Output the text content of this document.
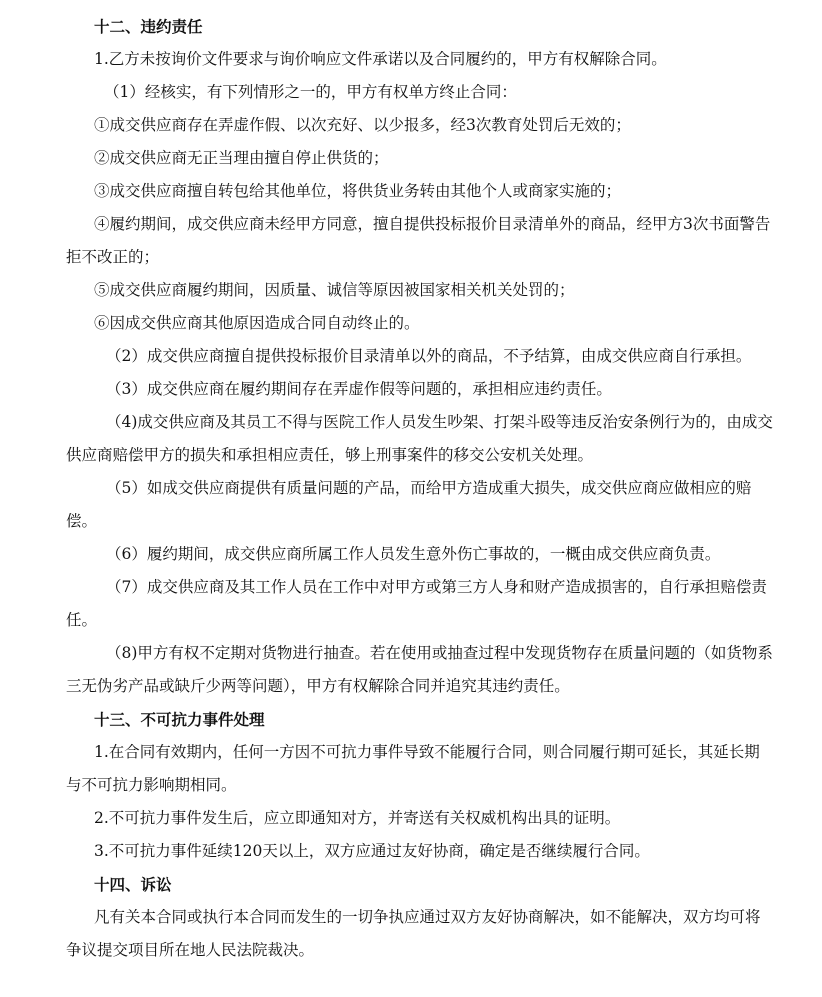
十二、违约责任

1.乙方未按询价文件要求与询价响应文件承诺以及合同履约的，甲方有权解除合同。

（1）经核实，有下列情形之一的，甲方有权单方终止合同：

①成交供应商存在弄虚作假、以次充好、以少报多，经3次教育处罚后无效的；

②成交供应商无正当理由擅自停止供货的；

③成交供应商擅自转包给其他单位，将供货业务转由其他个人或商家实施的；

④履约期间，成交供应商未经甲方同意，擅自提供投标报价目录清单外的商品，经甲方3次书面警告拒不改正的；

⑤成交供应商履约期间，因质量、诚信等原因被国家相关机关处罚的；

⑥因成交供应商其他原因造成合同自动终止的。

（2）成交供应商擅自提供投标报价目录清单以外的商品，不予结算，由成交供应商自行承担。

（3）成交供应商在履约期间存在弄虚作假等问题的，承担相应违约责任。

（4)成交供应商及其员工不得与医院工作人员发生吵架、打架斗殴等违反治安条例行为的，由成交供应商赔偿甲方的损失和承担相应责任，够上刑事案件的移交公安机关处理。

（5）如成交供应商提供有质量问题的产品，而给甲方造成重大损失，成交供应商应做相应的赔偿。

（6）履约期间，成交供应商所属工作人员发生意外伤亡事故的，一概由成交供应商负责。

（7）成交供应商及其工作人员在工作中对甲方或第三方人身和财产造成损害的，自行承担赔偿责任。

（8)甲方有权不定期对货物进行抽查。若在使用或抽查过程中发现货物存在质量问题的（如货物系三无伪劣产品或缺斤少两等问题），甲方有权解除合同并追究其违约责任。

十三、不可抗力事件处理

1.在合同有效期内，任何一方因不可抗力事件导致不能履行合同，则合同履行期可延长，其延长期与不可抗力影响期相同。

2.不可抗力事件发生后，应立即通知对方，并寄送有关权威机构出具的证明。

3.不可抗力事件延续120天以上，双方应通过友好协商，确定是否继续履行合同。

十四、诉讼

凡有关本合同或执行本合同而发生的一切争执应通过双方友好协商解决，如不能解决，双方均可将争议提交项目所在地人民法院裁决。
